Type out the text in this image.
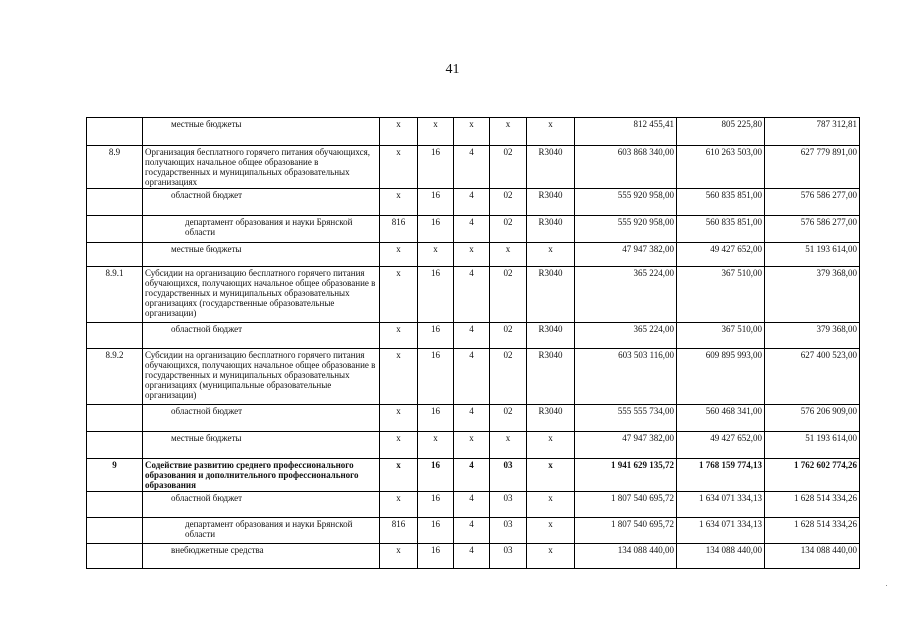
41
	местные бюджеты	х	х	х	х	х	812 455,41	805 225,80	787 312,81
8.9	Организация бесплатного горячего питания обучающихся, получающих начальное общее образование в государственных и муниципальных образовательных организациях	х	16	4	02	R3040	603 868 340,00	610 263 503,00	627 779 891,00
	областной бюджет	х	16	4	02	R3040	555 920 958,00	560 835 851,00	576 586 277,00
	департамент образования и науки Брянской области	816	16	4	02	R3040	555 920 958,00	560 835 851,00	576 586 277,00
	местные бюджеты	х	х	х	х	х	47 947 382,00	49 427 652,00	51 193 614,00
8.9.1	Субсидии на организацию бесплатного горячего питания обучающихся, получающих начальное общее образование в государственных и муниципальных образовательных организациях (государственные образовательные организации)	х	16	4	02	R3040	365 224,00	367 510,00	379 368,00
	областной бюджет	х	16	4	02	R3040	365 224,00	367 510,00	379 368,00
8.9.2	Субсидии на организацию бесплатного горячего питания обучающихся, получающих начальное общее образование в государственных и муниципальных образовательных организациях (муниципальные образовательные организации)	х	16	4	02	R3040	603 503 116,00	609 895 993,00	627 400 523,00
	областной бюджет	х	16	4	02	R3040	555 555 734,00	560 468 341,00	576 206 909,00
	местные бюджеты	х	х	х	х	х	47 947 382,00	49 427 652,00	51 193 614,00
9	Содействие развитию среднего профессионального образования и дополнительного профессионального образования	х	16	4	03	х	1 941 629 135,72	1 768 159 774,13	1 762 602 774,26
	областной бюджет	х	16	4	03	х	1 807 540 695,72	1 634 071 334,13	1 628 514 334,26
	департамент образования и науки Брянской области	816	16	4	03	х	1 807 540 695,72	1 634 071 334,13	1 628 514 334,26
	внебюджетные средства	х	16	4	03	х	134 088 440,00	134 088 440,00	134 088 440,00
